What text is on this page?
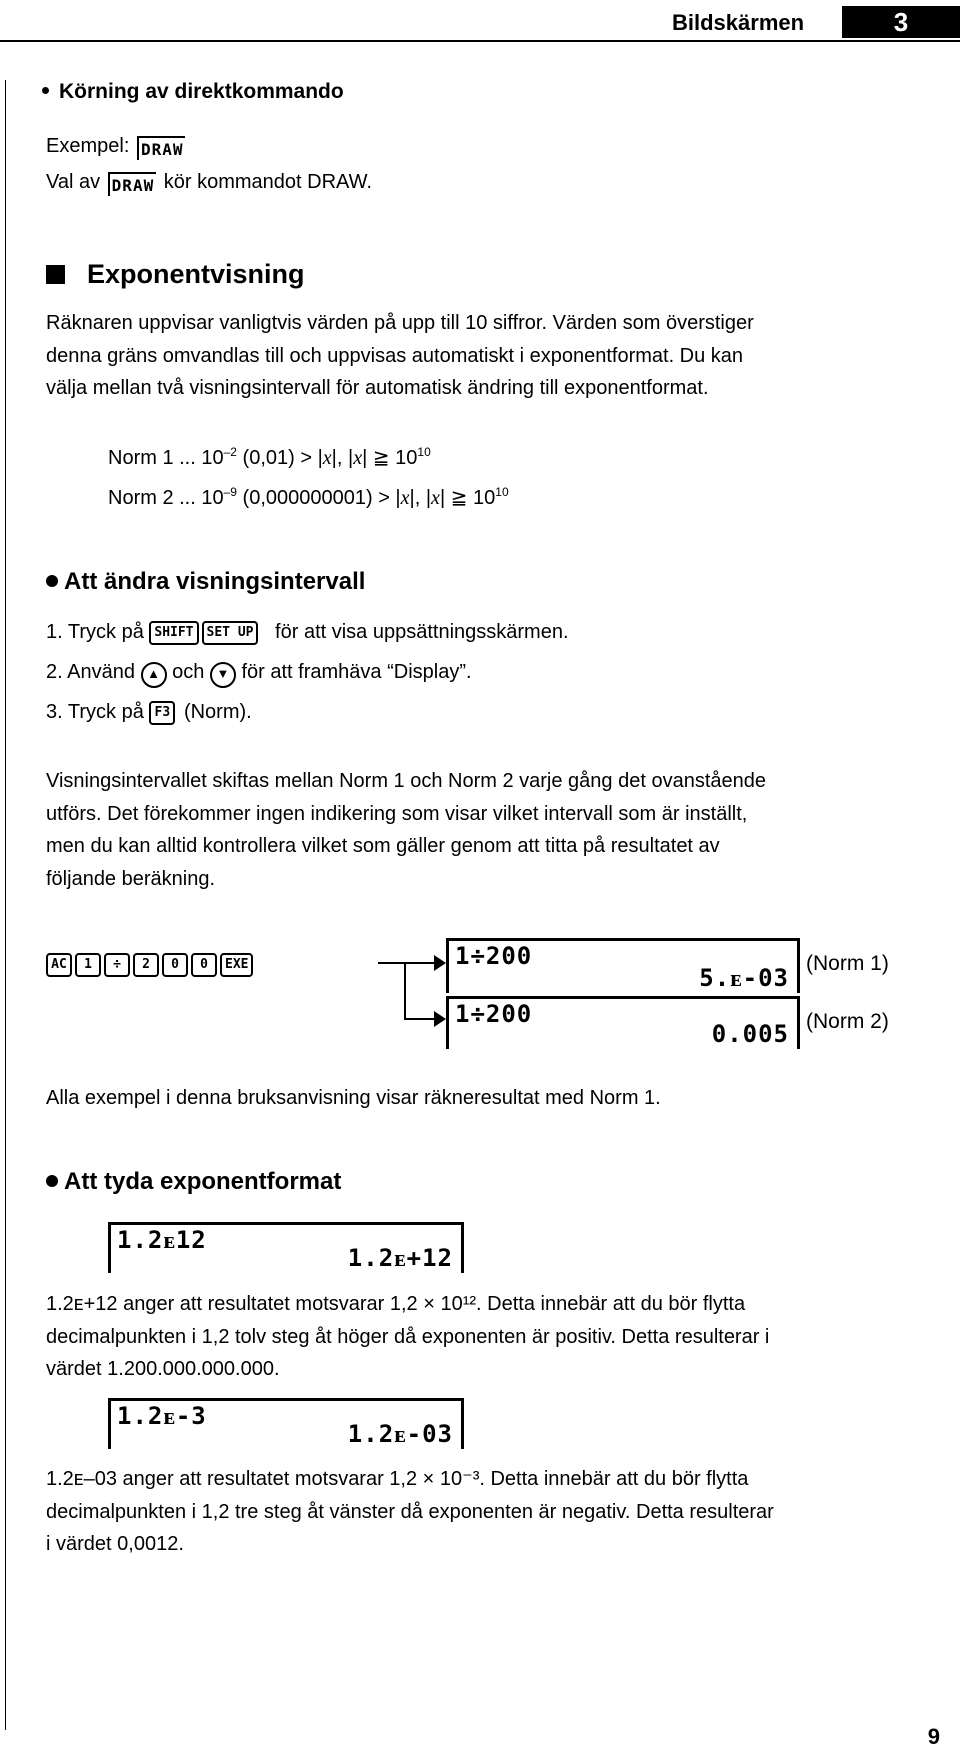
Bildskärmen	3
Körning av direktkommando
Exempel: DRAW
Val av DRAW kör kommandot DRAW.
Exponentvisning
Räknaren uppvisar vanligtvis värden på upp till 10 siffror. Värden som överstiger
denna gräns omvandlas till och uppvisas automatiskt i exponentformat. Du kan
välja mellan två visningsintervall för automatisk ändring till exponentformat.
Norm 1 ... $10^{-2}$ (0,01) > |x|, |x| ≧ $10^{10}$
Norm 2 ... $10^{-9}$ (0,000000001) > |x|, |x| ≧ $10^{10}$
Att ändra visningsintervall
1. Tryck på SHIFT SET UP för att visa uppsättningsskärmen.
2. Använd ▲ och ▼ för att framhäva “Display”.
3. Tryck på F3 (Norm).
Visningsintervallet skiftas mellan Norm 1 och Norm 2 varje gång det ovanstående
utförs. Det förekommer ingen indikering som visar vilket intervall som är inställt,
men du kan alltid kontrollera vilket som gäller genom att titta på resultatet av
följande beräkning.
AC 1 ÷ 2 0 0 EXE	1÷200
5.ᴇ-03
(Norm 1)
1÷200
0.005 (Norm 2)
Alla exempel i denna bruksanvisning visar räkneresultat med Norm 1.
Att tyda exponentformat
1.2ᴇ12
1.2ᴇ+12
1.2ᴇ+12 anger att resultatet motsvarar 1,2 × 10¹². Detta innebär att du bör flytta
decimalpunkten i 1,2 tolv steg åt höger då exponenten är positiv. Detta resulterar i
värdet 1.200.000.000.000.
1.2ᴇ-3
1.2ᴇ-03
1.2ᴇ–03 anger att resultatet motsvarar 1,2 × 10⁻³. Detta innebär att du bör flytta
decimalpunkten i 1,2 tre steg åt vänster då exponenten är negativ. Detta resulterar
i värdet 0,0012.
9
